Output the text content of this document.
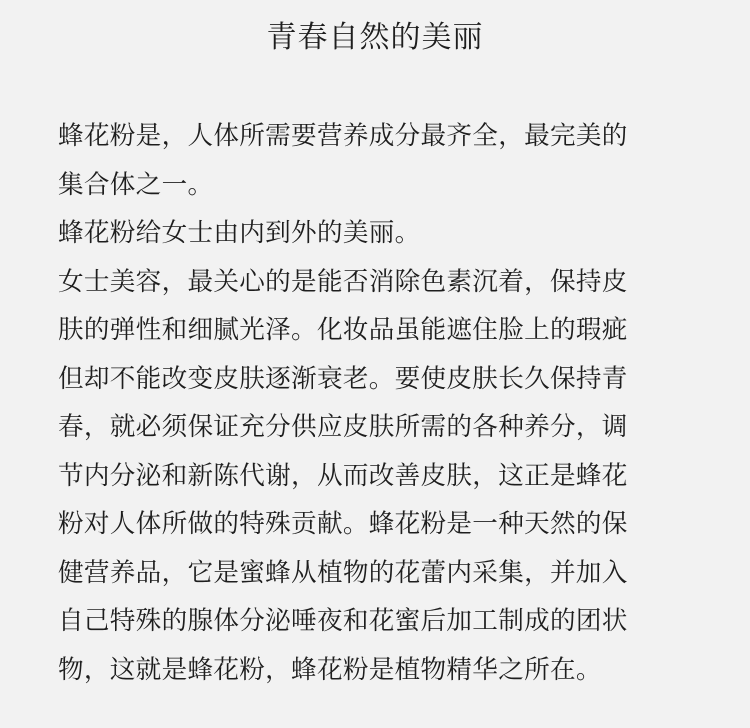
青春自然的美丽
蜂花粉是，人体所需要营养成分最齐全，最完美的
集合体之一。
蜂花粉给女士由内到外的美丽。
女士美容，最关心的是能否消除色素沉着，保持皮
肤的弹性和细腻光泽。化妆品虽能遮住脸上的瑕疵
但却不能改变皮肤逐渐衰老。要使皮肤长久保持青
春，就必须保证充分供应皮肤所需的各种养分，调
节内分泌和新陈代谢，从而改善皮肤，这正是蜂花
粉对人体所做的特殊贡献。蜂花粉是一种天然的保
健营养品，它是蜜蜂从植物的花蕾内采集，并加入
自己特殊的腺体分泌唾夜和花蜜后加工制成的团状
物，这就是蜂花粉，蜂花粉是植物精华之所在。
